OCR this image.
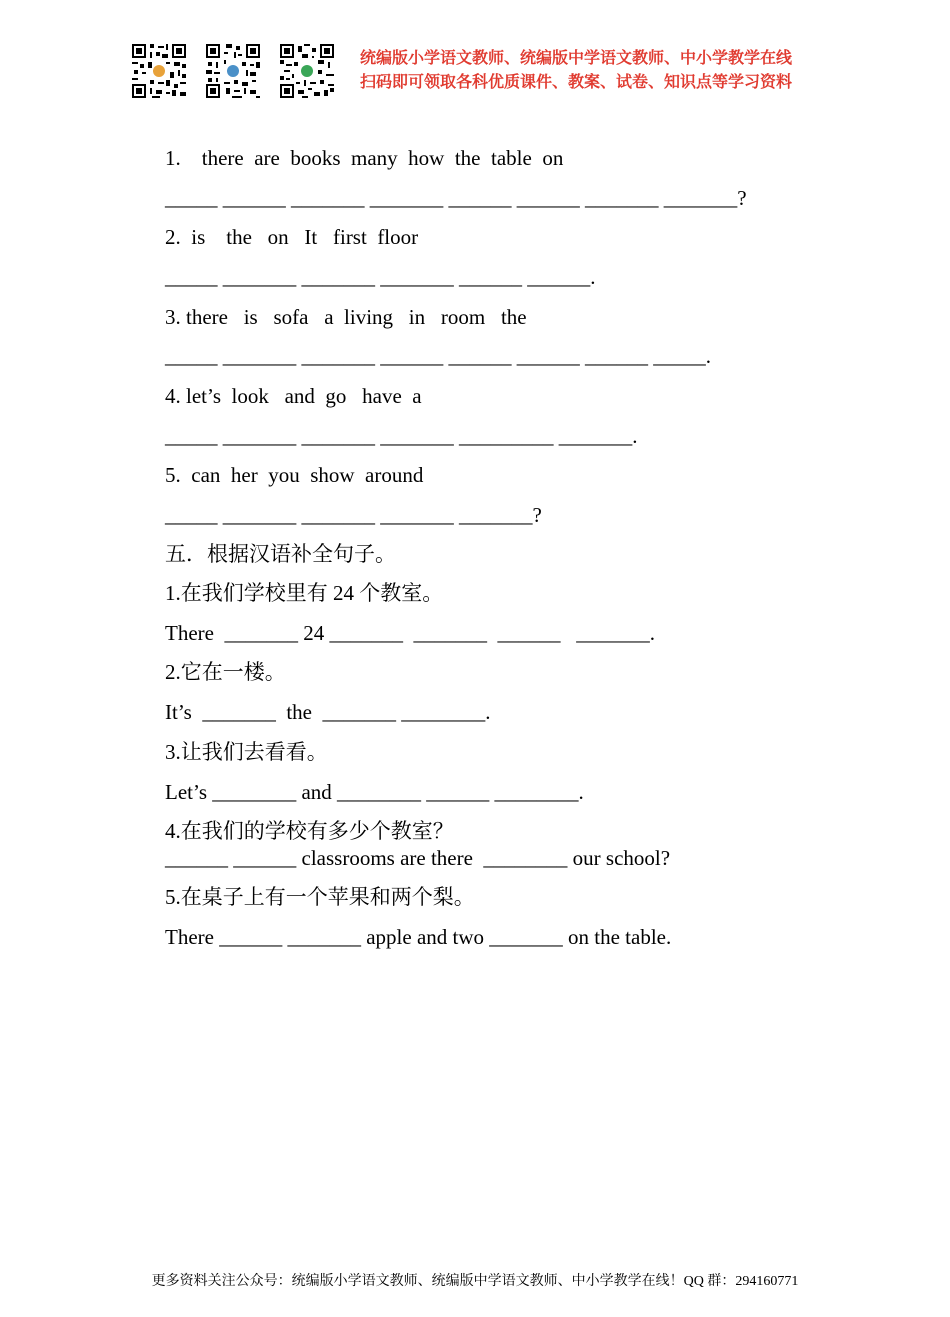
统编版小学语文教师、统编版中学语文教师、中小学教学在线
扫码即可领取各科优质课件、教案、试卷、知识点等学习资料
1.    there  are  books  many  how  the  table  on
_____ ______ _______ _______ ______ ______ _______ _______?
2.  is    the   on   It   first  floor
_____ _______ _______ _______ ______ ______.
3. there   is   sofa   a  living   in   room   the
_____ _______ _______ ______ ______ ______ ______ _____.
4. let’s  look   and  go   have  a
_____ _______ _______ _______ _________ _______.
5.  can  her  you  show  around
_____ _______ _______ _______ _______?
五．根据汉语补全句子。
1.在我们学校里有 24 个教室。
There  _______ 24 _______  _______  ______   _______.
2.它在一楼。
It’s  _______  the  _______ ________.
3.让我们去看看。
Let’s ________ and ________ ______ ________.
4.在我们的学校有多少个教室？
______ ______ classrooms are there  ________ our school?
5.在桌子上有一个苹果和两个梨。
There ______ _______ apple and two _______ on the table.
更多资料关注公众号：统编版小学语文教师、统编版中学语文教师、中小学教学在线！QQ 群：294160771
